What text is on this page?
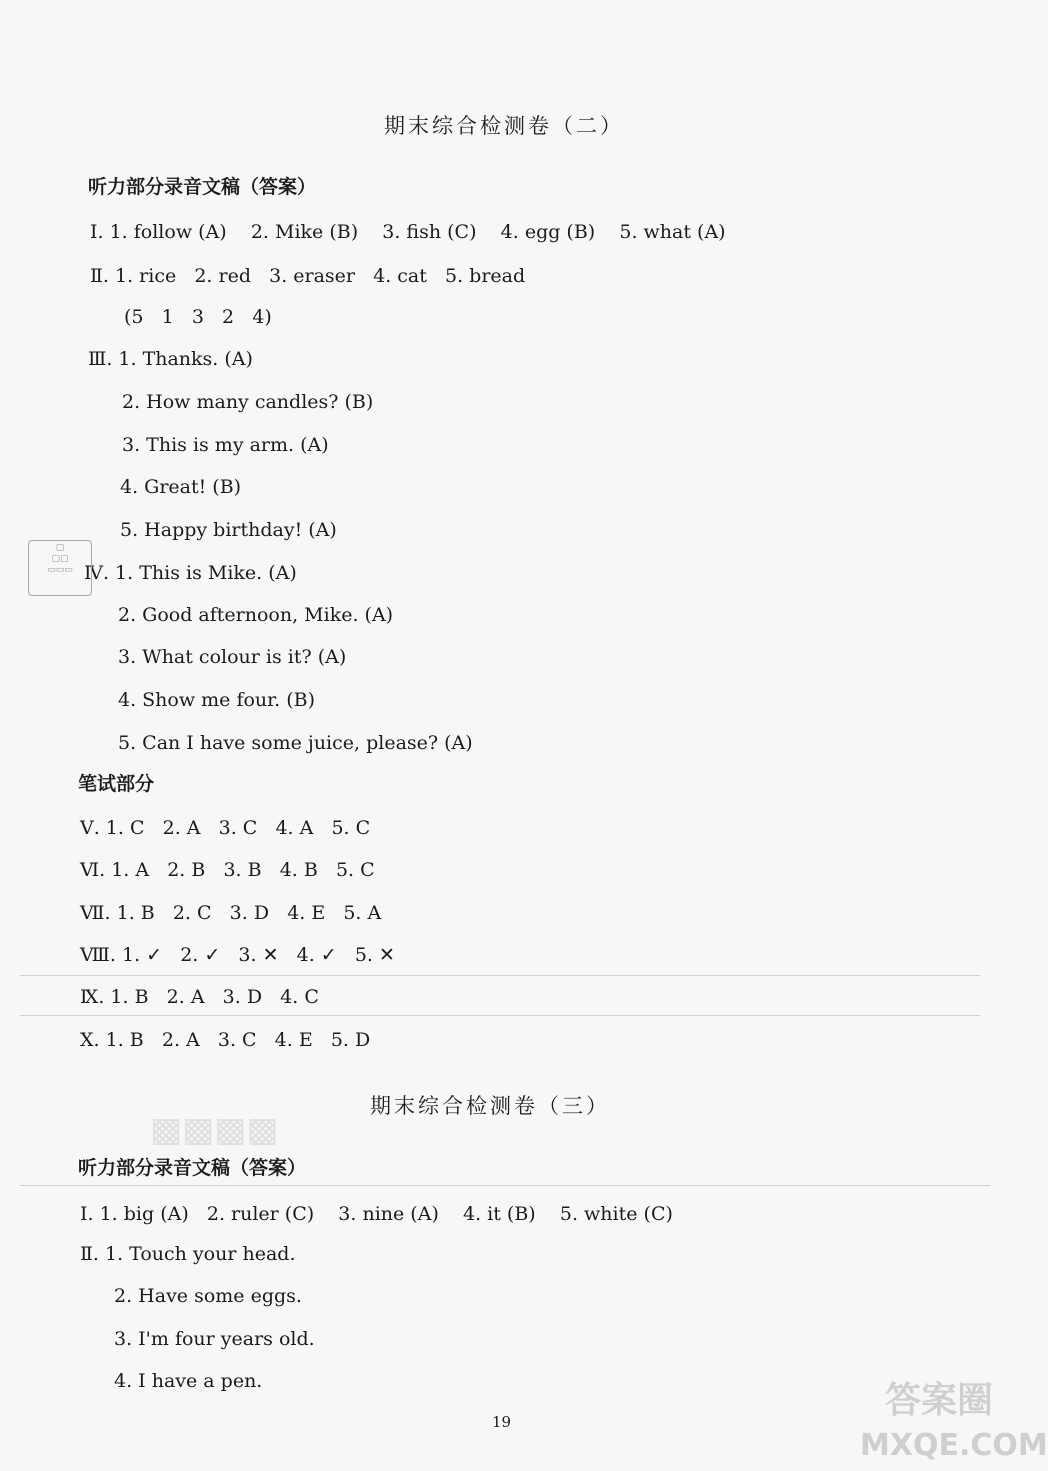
期末综合检测卷（二）
听力部分录音文稿（答案）
Ⅰ. 1. follow (A)    2. Mike (B)    3. fish (C)    4. egg (B)    5. what (A)
Ⅱ. 1. rice   2. red   3. eraser   4. cat   5. bread
(5   1   3   2   4)
Ⅲ. 1. Thanks. (A)
2. How many candles? (B)
3. This is my arm. (A)
4. Great! (B)
5. Happy birthday! (A)
Ⅳ. 1. This is Mike. (A)
2. Good afternoon, Mike. (A)
3. What colour is it? (A)
4. Show me four. (B)
5. Can I have some juice, please? (A)
笔试部分
Ⅴ. 1. C   2. A   3. C   4. A   5. C
Ⅵ. 1. A   2. B   3. B   4. B   5. C
Ⅶ. 1. B   2. C   3. D   4. E   5. A
Ⅷ. 1. ✓   2. ✓   3. ✕   4. ✓   5. ✕
Ⅸ. 1. B   2. A   3. D   4. C
Ⅹ. 1. B   2. A   3. C   4. E   5. D
期末综合检测卷（三）
听力部分录音文稿（答案）
Ⅰ. 1. big (A)   2. ruler (C)    3. nine (A)    4. it (B)    5. white (C)
Ⅱ. 1. Touch your head.
2. Have some eggs.
3. I'm four years old.
4. I have a pen.
19
▢
▢▢
▭▭▭
▩▩▩▩
答案圈
MXQE.COM
